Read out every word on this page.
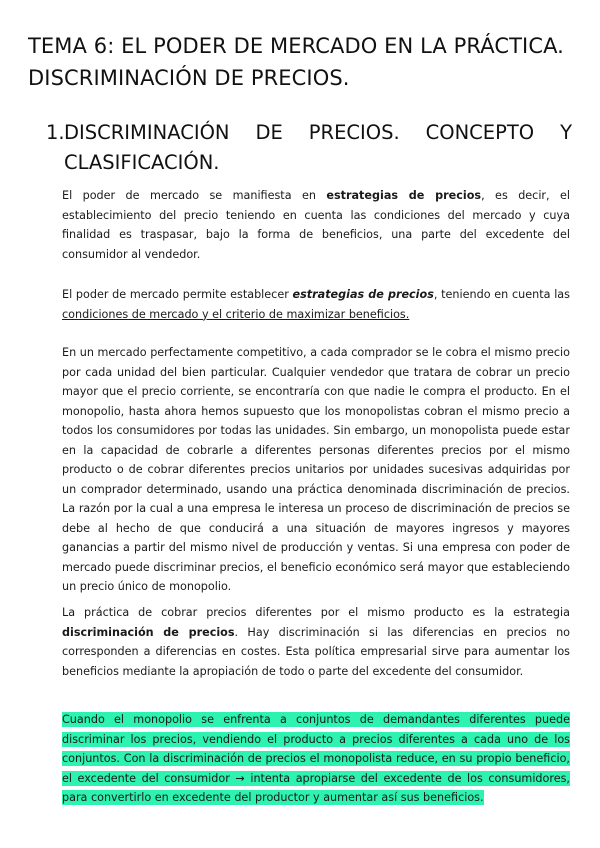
TEMA 6: EL PODER DE MERCADO EN LA PRÁCTICA.
DISCRIMINACIÓN DE PRECIOS.
1. DISCRIMINACIÓN DE PRECIOS. CONCEPTO Y CLASIFICACIÓN.

El poder de mercado se manifiesta en estrategias de precios, es decir, el establecimiento del precio teniendo en cuenta las condiciones del mercado y cuya finalidad es traspasar, bajo la forma de beneficios, una parte del excedente del consumidor al vendedor.

El poder de mercado permite establecer estrategias de precios, teniendo en cuenta las condiciones de mercado y el criterio de maximizar beneficios.

En un mercado perfectamente competitivo, a cada comprador se le cobra el mismo precio por cada unidad del bien particular. Cualquier vendedor que tratara de cobrar un precio mayor que el precio corriente, se encontraría con que nadie le compra el producto. En el monopolio, hasta ahora hemos supuesto que los monopolistas cobran el mismo precio a todos los consumidores por todas las unidades. Sin embargo, un monopolista puede estar en la capacidad de cobrarle a diferentes personas diferentes precios por el mismo producto o de cobrar diferentes precios unitarios por unidades sucesivas adquiridas por un comprador determinado, usando una práctica denominada discriminación de precios. La razón por la cual a una empresa le interesa un proceso de discriminación de precios se debe al hecho de que conducirá a una situación de mayores ingresos y mayores ganancias a partir del mismo nivel de producción y ventas. Si una empresa con poder de mercado puede discriminar precios, el beneficio económico será mayor que estableciendo un precio único de monopolio.

La práctica de cobrar precios diferentes por el mismo producto es la estrategia discriminación de precios. Hay discriminación si las diferencias en precios no corresponden a diferencias en costes. Esta política empresarial sirve para aumentar los beneficios mediante la apropiación de todo o parte del excedente del consumidor.

Cuando el monopolio se enfrenta a conjuntos de demandantes diferentes puede discriminar los precios, vendiendo el producto a precios diferentes a cada uno de los conjuntos. Con la discriminación de precios el monopolista reduce, en su propio beneficio, el excedente del consumidor → intenta apropiarse del excedente de los consumidores, para convertirlo en excedente del productor y aumentar así sus beneficios.
